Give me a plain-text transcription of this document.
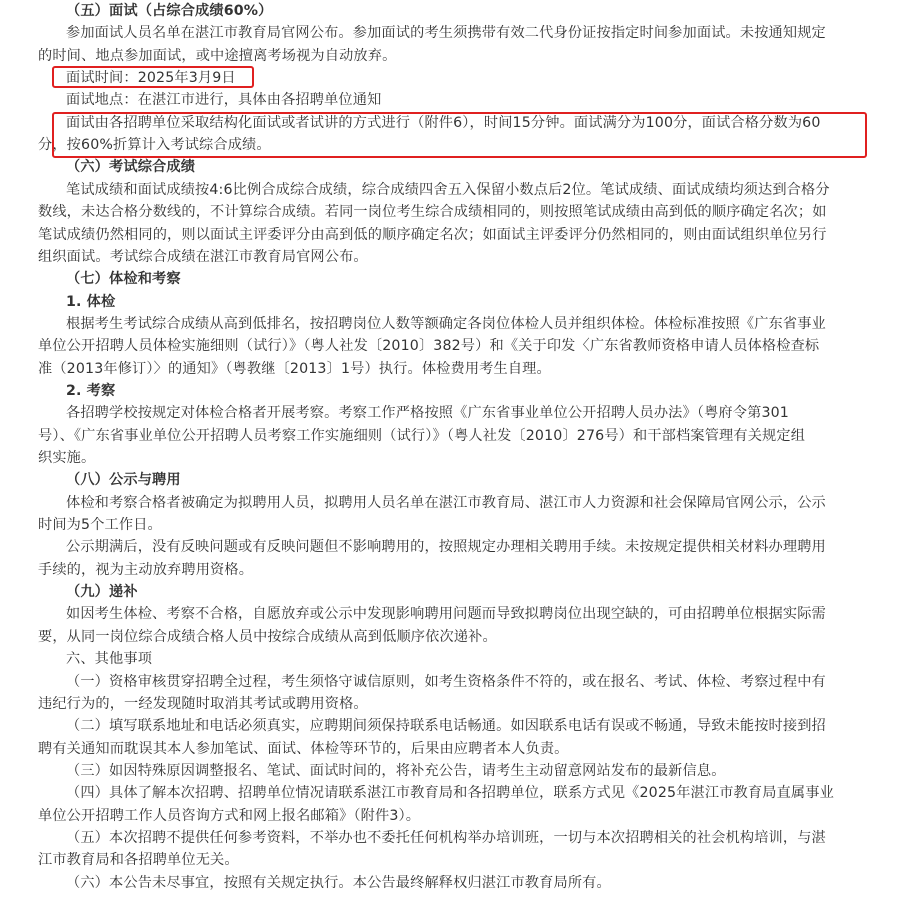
（五）面试（占综合成绩60%）
参加面试人员名单在湛江市教育局官网公布。参加面试的考生须携带有效二代身份证按指定时间参加面试。未按通知规定
的时间、地点参加面试，或中途擅离考场视为自动放弃。
面试时间：2025年3月9日
面试地点：在湛江市进行，具体由各招聘单位通知
面试由各招聘单位采取结构化面试或者试讲的方式进行（附件6），时间15分钟。面试满分为100分，面试合格分数为60
分，按60%折算计入考试综合成绩。
（六）考试综合成绩
笔试成绩和面试成绩按4:6比例合成综合成绩，综合成绩四舍五入保留小数点后2位。笔试成绩、面试成绩均须达到合格分
数线，未达合格分数线的，不计算综合成绩。若同一岗位考生综合成绩相同的，则按照笔试成绩由高到低的顺序确定名次；如
笔试成绩仍然相同的，则以面试主评委评分由高到低的顺序确定名次；如面试主评委评分仍然相同的，则由面试组织单位另行
组织面试。考试综合成绩在湛江市教育局官网公布。
（七）体检和考察
1. 体检
根据考生考试综合成绩从高到低排名，按招聘岗位人数等额确定各岗位体检人员并组织体检。体检标准按照《广东省事业
单位公开招聘人员体检实施细则（试行）》（粤人社发〔2010〕382号）和《关于印发〈广东省教师资格申请人员体格检查标
准（2013年修订）〉的通知》（粤教继〔2013〕1号）执行。体检费用考生自理。
2. 考察
各招聘学校按规定对体检合格者开展考察。考察工作严格按照《广东省事业单位公开招聘人员办法》（粤府令第301
号）、《广东省事业单位公开招聘人员考察工作实施细则（试行）》（粤人社发〔2010〕276号）和干部档案管理有关规定组
织实施。
（八）公示与聘用
体检和考察合格者被确定为拟聘用人员，拟聘用人员名单在湛江市教育局、湛江市人力资源和社会保障局官网公示，公示
时间为5个工作日。
公示期满后，没有反映问题或有反映问题但不影响聘用的，按照规定办理相关聘用手续。未按规定提供相关材料办理聘用
手续的，视为主动放弃聘用资格。
（九）递补
如因考生体检、考察不合格，自愿放弃或公示中发现影响聘用问题而导致拟聘岗位出现空缺的，可由招聘单位根据实际需
要，从同一岗位综合成绩合格人员中按综合成绩从高到低顺序依次递补。
六、其他事项
（一）资格审核贯穿招聘全过程，考生须恪守诚信原则，如考生资格条件不符的，或在报名、考试、体检、考察过程中有
违纪行为的，一经发现随时取消其考试或聘用资格。
（二）填写联系地址和电话必须真实，应聘期间须保持联系电话畅通。如因联系电话有误或不畅通，导致未能按时接到招
聘有关通知而耽误其本人参加笔试、面试、体检等环节的，后果由应聘者本人负责。
（三）如因特殊原因调整报名、笔试、面试时间的，将补充公告，请考生主动留意网站发布的最新信息。
（四）具体了解本次招聘、招聘单位情况请联系湛江市教育局和各招聘单位，联系方式见《2025年湛江市教育局直属事业
单位公开招聘工作人员咨询方式和网上报名邮箱》（附件3）。
（五）本次招聘不提供任何参考资料，不举办也不委托任何机构举办培训班，一切与本次招聘相关的社会机构培训，与湛
江市教育局和各招聘单位无关。
（六）本公告未尽事宜，按照有关规定执行。本公告最终解释权归湛江市教育局所有。
